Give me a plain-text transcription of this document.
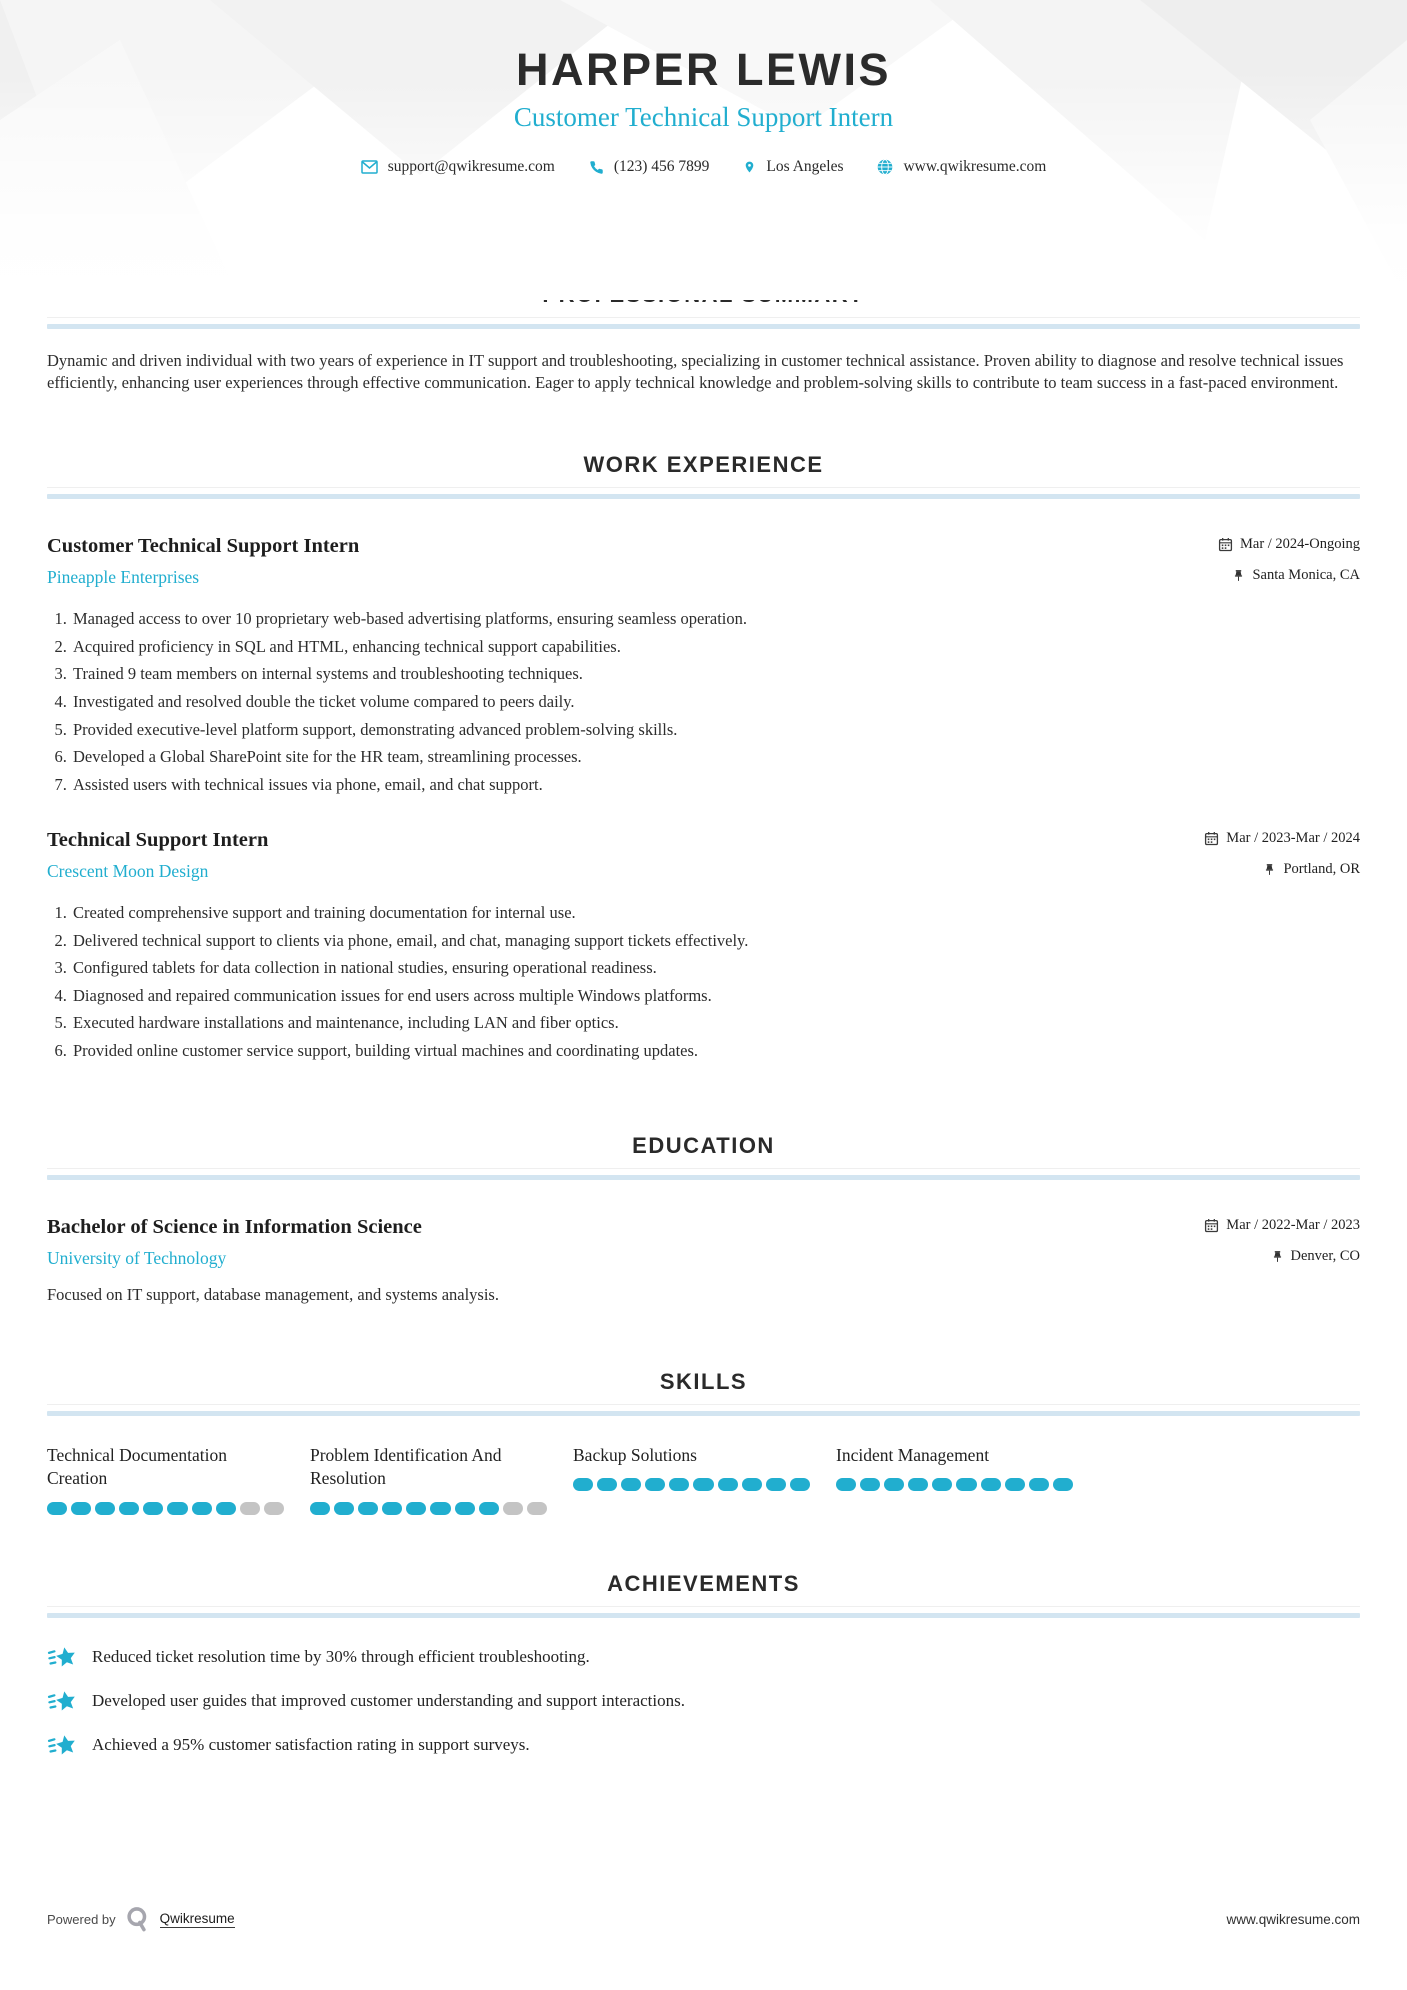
HARPER LEWIS
Customer Technical Support Intern
support@qwikresume.com	(123) 456 7899	Los Angeles	www.qwikresume.com

Dynamic and driven individual with two years of experience in IT support and troubleshooting, specializing in customer technical assistance. Proven ability to diagnose and resolve technical issues efficiently, enhancing user experiences through effective communication. Eager to apply technical knowledge and problem-solving skills to contribute to team success in a fast-paced environment.

WORK EXPERIENCE
Customer Technical Support Intern	Mar / 2024-Ongoing
Pineapple Enterprises	Santa Monica, CA
1. Managed access to over 10 proprietary web-based advertising platforms, ensuring seamless operation.
2. Acquired proficiency in SQL and HTML, enhancing technical support capabilities.
3. Trained 9 team members on internal systems and troubleshooting techniques.
4. Investigated and resolved double the ticket volume compared to peers daily.
5. Provided executive-level platform support, demonstrating advanced problem-solving skills.
6. Developed a Global SharePoint site for the HR team, streamlining processes.
7. Assisted users with technical issues via phone, email, and chat support.
Technical Support Intern	Mar / 2023-Mar / 2024
Crescent Moon Design	Portland, OR
1. Created comprehensive support and training documentation for internal use.
2. Delivered technical support to clients via phone, email, and chat, managing support tickets effectively.
3. Configured tablets for data collection in national studies, ensuring operational readiness.
4. Diagnosed and repaired communication issues for end users across multiple Windows platforms.
5. Executed hardware installations and maintenance, including LAN and fiber optics.
6. Provided online customer service support, building virtual machines and coordinating updates.
EDUCATION
Bachelor of Science in Information Science	Mar / 2022-Mar / 2023
University of Technology	Denver, CO

Focused on IT support, database management, and systems analysis.

SKILLS
Technical Documentation Creation
Problem Identification And Resolution
Backup Solutions	Incident Management
ACHIEVEMENTS
Reduced ticket resolution time by 30% through efficient troubleshooting.
Developed user guides that improved customer understanding and support interactions.
Achieved a 95% customer satisfaction rating in support surveys.
Powered by	Qwikresume	www.qwikresume.com
